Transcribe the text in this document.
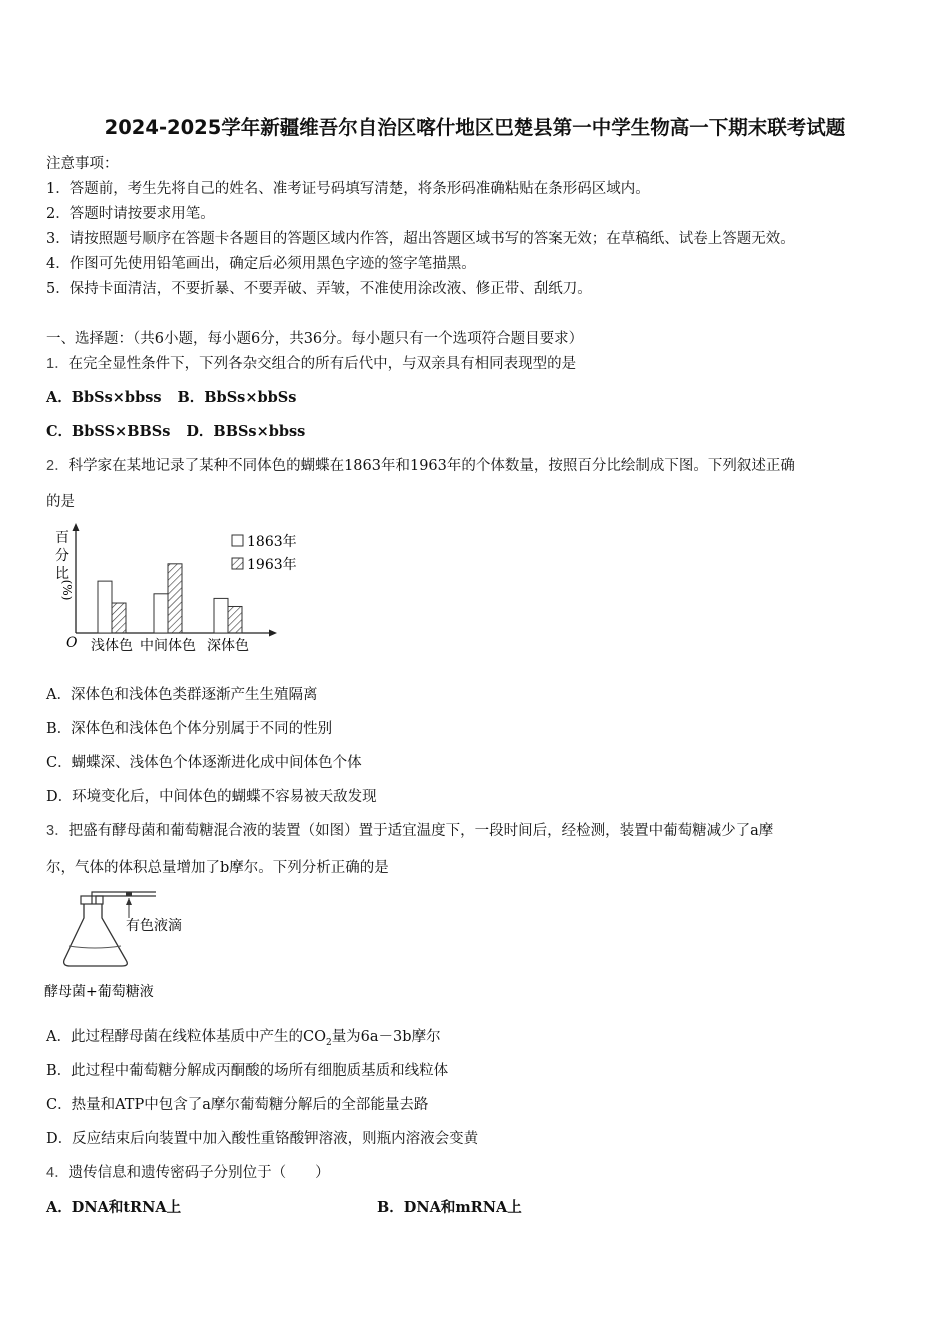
2024-2025学年新疆维吾尔自治区喀什地区巴楚县第一中学生物高一下期末联考试题
注意事项：
1．答题前，考生先将自己的姓名、准考证号码填写清楚，将条形码准确粘贴在条形码区域内。
2．答题时请按要求用笔。
3．请按照题号顺序在答题卡各题目的答题区域内作答，超出答题区域书写的答案无效；在草稿纸、试卷上答题无效。
4．作图可先使用铅笔画出，确定后必须用黑色字迹的签字笔描黑。
5．保持卡面清洁，不要折暴、不要弄破、弄皱，不准使用涂改液、修正带、刮纸刀。
一、选择题：（共6小题，每小题6分，共36分。每小题只有一个选项符合题目要求）
1．在完全显性条件下，下列各杂交组合的所有后代中，与双亲具有相同表现型的是
A．BbSs×bbss B．BbSs×bbSs
C．BbSS×BBSs D．BBSs×bbss
2．科学家在某地记录了某种不同体色的蝴蝶在1863年和1963年的个体数量，按照百分比绘制成下图。下列叙述正确
的是
百
分
比
(%)
O 浅体色 中间体色 深体色
1863年
1963年
A．深体色和浅体色类群逐渐产生生殖隔离
B．深体色和浅体色个体分别属于不同的性别
C．蝴蝶深、浅体色个体逐渐进化成中间体色个体
D．环境变化后，中间体色的蝴蝶不容易被天敌发现
3．把盛有酵母菌和葡萄糖混合液的装置（如图）置于适宜温度下，一段时间后，经检测，装置中葡萄糖减少了a摩
尔，气体的体积总量增加了b摩尔。下列分析正确的是
有色液滴
酵母菌+葡萄糖液
A．此过程酵母菌在线粒体基质中产生的$CO_2$量为6a－3b摩尔
B．此过程中葡萄糖分解成丙酮酸的场所有细胞质基质和线粒体
C．热量和ATP中包含了a摩尔葡萄糖分解后的全部能量去路
D．反应结束后向装置中加入酸性重铬酸钾溶液，则瓶内溶液会变黄
4．遗传信息和遗传密码子分别位于（　　）
A．DNA和tRNA上	B．DNA和mRNA上
